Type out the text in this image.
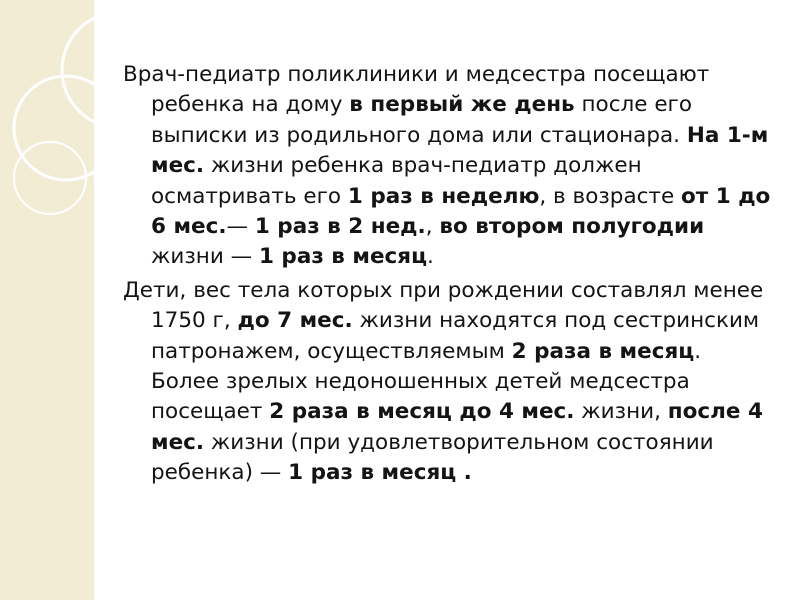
Врач-педиатр поликлиники и медсестра посещают ребенка на дому в первый же день после его выписки из родильного дома или стационара. На 1-м мес. жизни ребенка врач-педиатр должен осматривать его 1 раз в неделю, в возрасте от 1 до 6 мес.— 1 раз в 2 нед., во втором полугодии жизни — 1 раз в месяц.

Дети, вес тела которых при рождении составлял менее 1750 г, до 7 мес. жизни находятся под сестринским патронажем, осуществляемым 2 раза в месяц. Более зрелых недоношенных детей медсестра посещает 2 раза в месяц до 4 мес. жизни, после 4 мес. жизни (при удовлетворительном состоянии ребенка) — 1 раз в месяц .
